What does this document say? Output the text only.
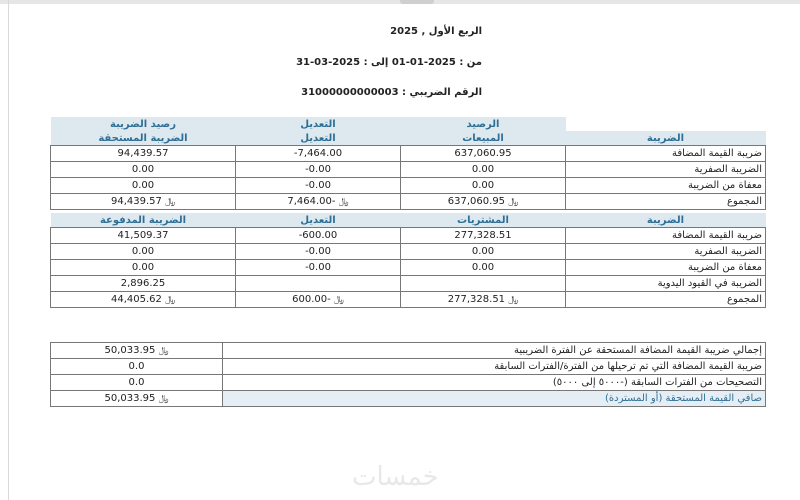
الربع الأول , 2025
من : 2025-01-01 إلى : 2025-03-31
الرقم الضريبي : 31000000000003
رصيد الضريبة	التعديل	الرصيد	
الضريبة المستحقة	التعديل	المبيعات	الضريبة
94,439.57	-7,464.00	637,060.95	ضريبة القيمة المضافة
0.00	-0.00	0.00	الضريبة الصفرية
0.00	-0.00	0.00	معفاة من الضريبة
﷼ 94,439.57	﷼ -7,464.00	﷼ 637,060.95	المجموع
الضريبة المدفوعة	التعديل	المشتريات	الضريبة
41,509.37	-600.00	277,328.51	ضريبة القيمة المضافة
0.00	-0.00	0.00	الضريبة الصفرية
0.00	-0.00	0.00	معفاة من الضريبة
2,896.25			الضريبة في القيود اليدوية
﷼ 44,405.62	﷼ -600.00	﷼ 277,328.51	المجموع
﷼ 50,033.95	إجمالي ضريبة القيمة المضافة المستحقة عن الفترة الضريبية
0.0	ضريبة القيمة المضافة التي تم ترحيلها من الفترة/الفترات السابقة
0.0	التصحيحات من الفترات السابقة (-٥٠٠٠ إلى ٥٠٠٠)
﷼ 50,033.95	صافي القيمة المستحقة (أو المستردة)
خمسات
